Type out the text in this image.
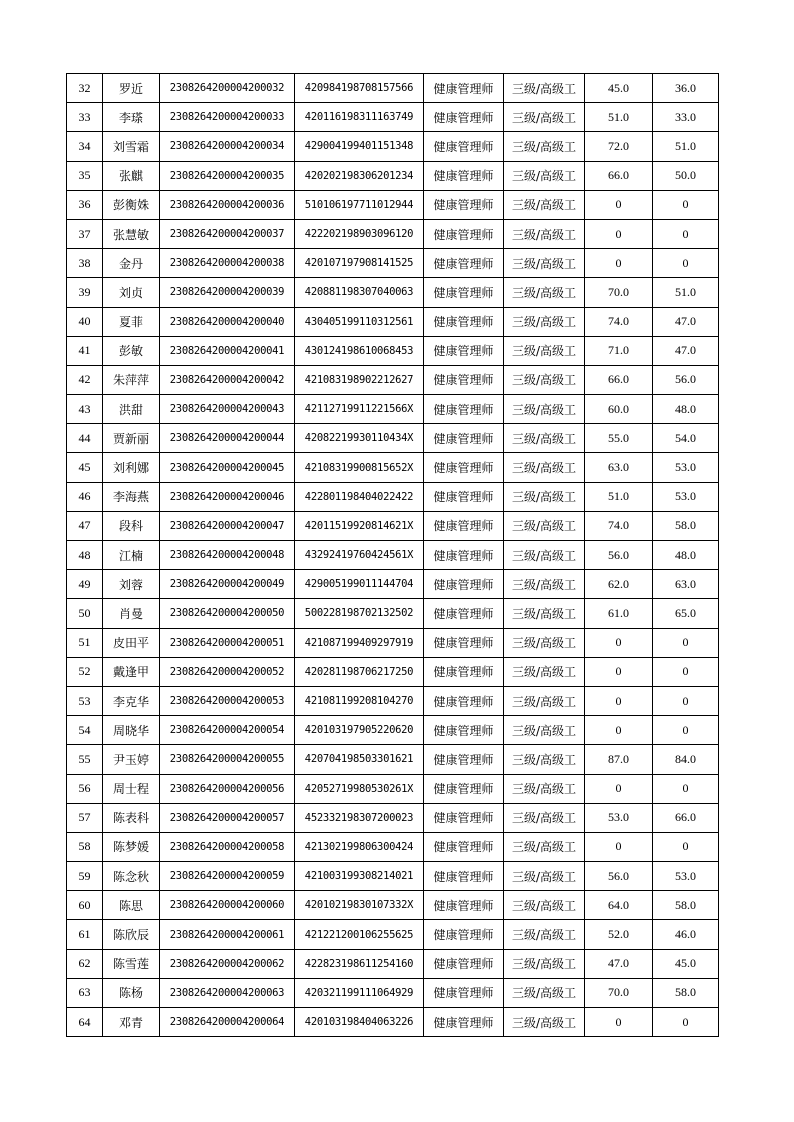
32	罗近	2308264200004200032	420984198708157566	健康管理师	三级/高级工	45.0	36.0
33	李瑹	2308264200004200033	420116198311163749	健康管理师	三级/高级工	51.0	33.0
34	刘雪霜	2308264200004200034	429004199401151348	健康管理师	三级/高级工	72.0	51.0
35	张麒	2308264200004200035	420202198306201234	健康管理师	三级/高级工	66.0	50.0
36	彭衡姝	2308264200004200036	510106197711012944	健康管理师	三级/高级工	0	0
37	张慧敏	2308264200004200037	422202198903096120	健康管理师	三级/高级工	0	0
38	金丹	2308264200004200038	420107197908141525	健康管理师	三级/高级工	0	0
39	刘贞	2308264200004200039	420881198307040063	健康管理师	三级/高级工	70.0	51.0
40	夏菲	2308264200004200040	430405199110312561	健康管理师	三级/高级工	74.0	47.0
41	彭敏	2308264200004200041	430124198610068453	健康管理师	三级/高级工	71.0	47.0
42	朱萍萍	2308264200004200042	421083198902212627	健康管理师	三级/高级工	66.0	56.0
43	洪甜	2308264200004200043	42112719911221566X	健康管理师	三级/高级工	60.0	48.0
44	贾新丽	2308264200004200044	42082219930110434X	健康管理师	三级/高级工	55.0	54.0
45	刘利娜	2308264200004200045	42108319900815652X	健康管理师	三级/高级工	63.0	53.0
46	李海燕	2308264200004200046	422801198404022422	健康管理师	三级/高级工	51.0	53.0
47	段科	2308264200004200047	42011519920814621X	健康管理师	三级/高级工	74.0	58.0
48	江楠	2308264200004200048	43292419760424561X	健康管理师	三级/高级工	56.0	48.0
49	刘蓉	2308264200004200049	429005199011144704	健康管理师	三级/高级工	62.0	63.0
50	肖曼	2308264200004200050	500228198702132502	健康管理师	三级/高级工	61.0	65.0
51	皮田平	2308264200004200051	421087199409297919	健康管理师	三级/高级工	0	0
52	戴逢甲	2308264200004200052	420281198706217250	健康管理师	三级/高级工	0	0
53	李克华	2308264200004200053	421081199208104270	健康管理师	三级/高级工	0	0
54	周晓华	2308264200004200054	420103197905220620	健康管理师	三级/高级工	0	0
55	尹玉婷	2308264200004200055	420704198503301621	健康管理师	三级/高级工	87.0	84.0
56	周士程	2308264200004200056	42052719980530261X	健康管理师	三级/高级工	0	0
57	陈表科	2308264200004200057	452332198307200023	健康管理师	三级/高级工	53.0	66.0
58	陈梦媛	2308264200004200058	421302199806300424	健康管理师	三级/高级工	0	0
59	陈念秋	2308264200004200059	421003199308214021	健康管理师	三级/高级工	56.0	53.0
60	陈思	2308264200004200060	42010219830107332X	健康管理师	三级/高级工	64.0	58.0
61	陈欣辰	2308264200004200061	421221200106255625	健康管理师	三级/高级工	52.0	46.0
62	陈雪莲	2308264200004200062	422823198611254160	健康管理师	三级/高级工	47.0	45.0
63	陈杨	2308264200004200063	420321199111064929	健康管理师	三级/高级工	70.0	58.0
64	邓青	2308264200004200064	420103198404063226	健康管理师	三级/高级工	0	0
